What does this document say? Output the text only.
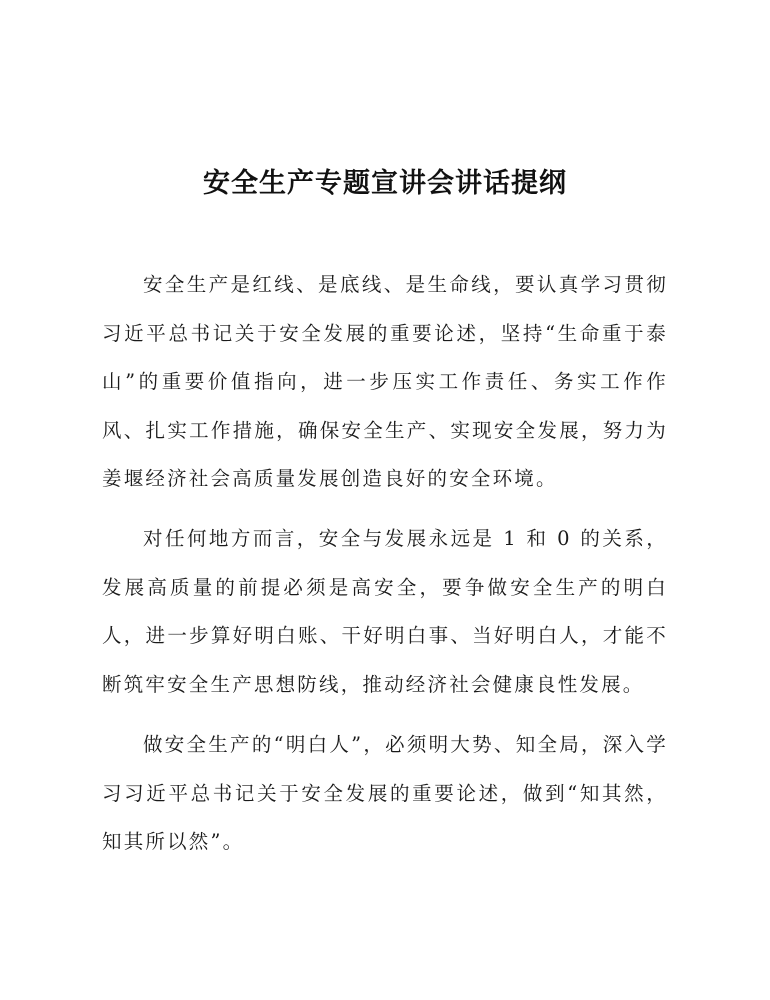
安全生产专题宣讲会讲话提纲

安全生产是红线、是底线、是生命线，要认真学习贯彻习近平总书记关于安全发展的重要论述，坚持“生命重于泰山”的重要价值指向，进一步压实工作责任、务实工作作风、扎实工作措施，确保安全生产、实现安全发展，努力为姜堰经济社会高质量发展创造良好的安全环境。

对任何地方而言，安全与发展永远是 1 和 0 的关系，发展高质量的前提必须是高安全，要争做安全生产的明白人，进一步算好明白账、干好明白事、当好明白人，才能不断筑牢安全生产思想防线，推动经济社会健康良性发展。

做安全生产的“明白人”，必须明大势、知全局，深入学习习近平总书记关于安全发展的重要论述，做到“知其然，知其所以然”。
